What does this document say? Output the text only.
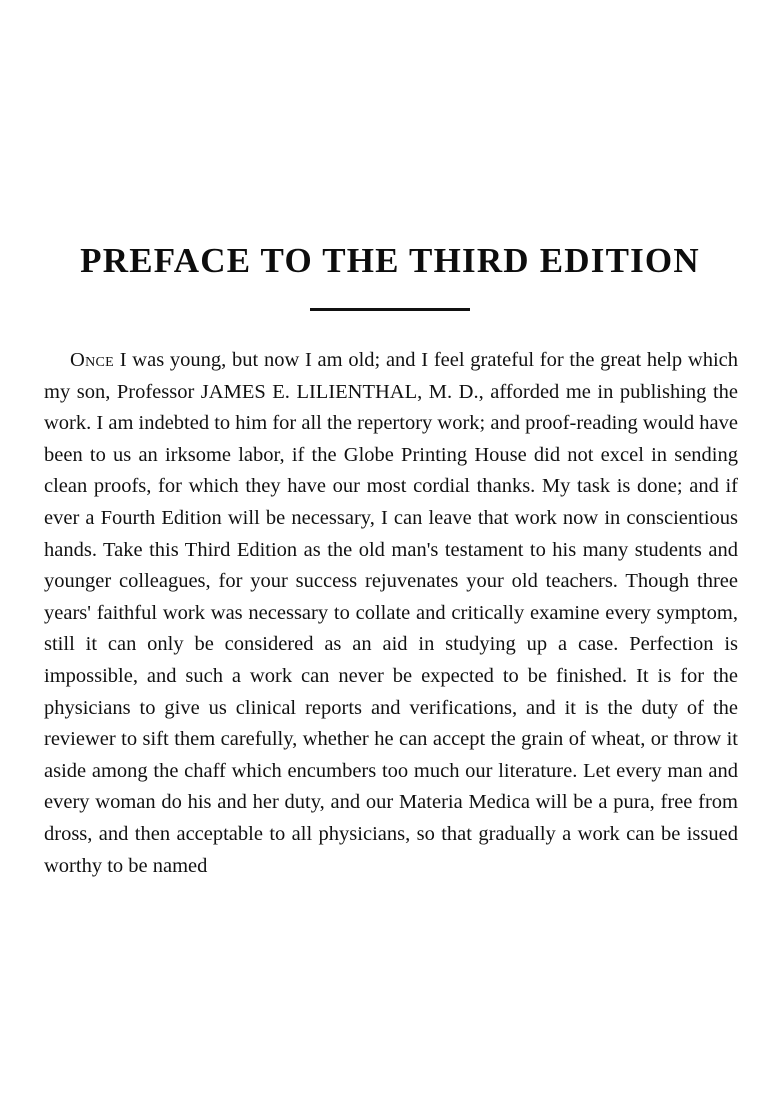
PREFACE TO THE THIRD EDITION

Once I was young, but now I am old; and I feel grateful for the great help which my son, Professor JAMES E. LILIENTHAL, M. D., afforded me in publishing the work. I am indebted to him for all the repertory work; and proof-reading would have been to us an irksome labor, if the Globe Printing House did not excel in sending clean proofs, for which they have our most cordial thanks. My task is done; and if ever a Fourth Edition will be necessary, I can leave that work now in conscientious hands. Take this Third Edition as the old man's testament to his many students and younger colleagues, for your success rejuvenates your old teachers. Though three years' faithful work was necessary to collate and critically examine every symptom, still it can only be considered as an aid in studying up a case. Perfection is impossible, and such a work can never be expected to be finished. It is for the physicians to give us clinical reports and verifications, and it is the duty of the reviewer to sift them carefully, whether he can accept the grain of wheat, or throw it aside among the chaff which encumbers too much our literature. Let every man and every woman do his and her duty, and our Materia Medica will be a pura, free from dross, and then acceptable to all physicians, so that gradually a work can be issued worthy to be named
